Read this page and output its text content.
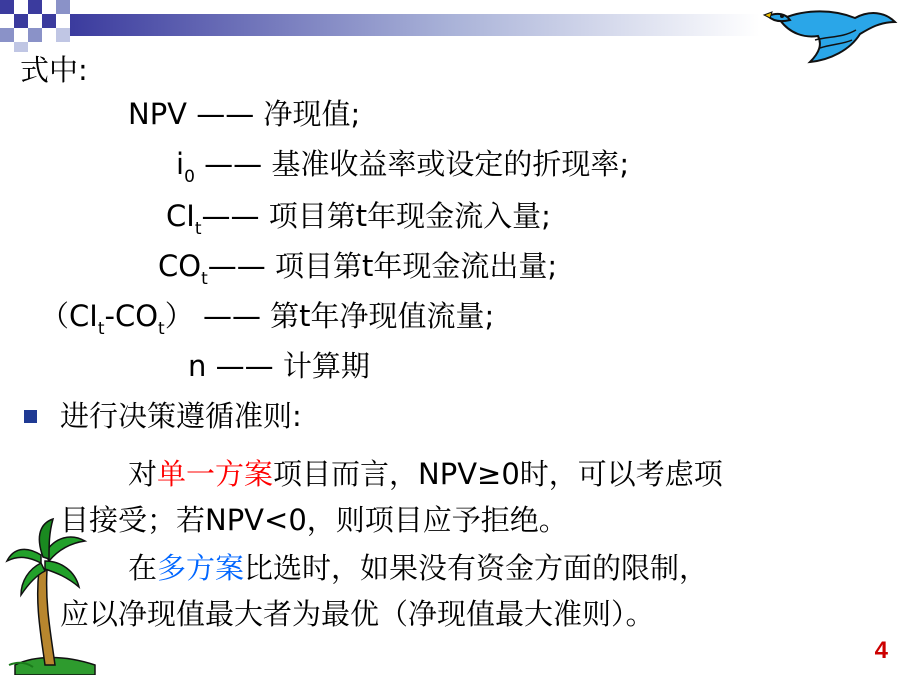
式中:
NPV —— 净现值;
$i_0$ —— 基准收益率或设定的折现率;
$CI_t——$ 项目第t年现金流入量;
$CO_t——$ 项目第t年现金流出量;
$(CI_t-CO_t)$ —— 第t年净现值流量;
n —— 计算期
进行决策遵循准则:
对单一方案项目而言，NPV≥0时，可以考虑项
目接受；若NPV<0，则项目应予拒绝。
在多方案比选时，如果没有资金方面的限制，
应以净现值最大者为最优（净现值最大准则）。
4
